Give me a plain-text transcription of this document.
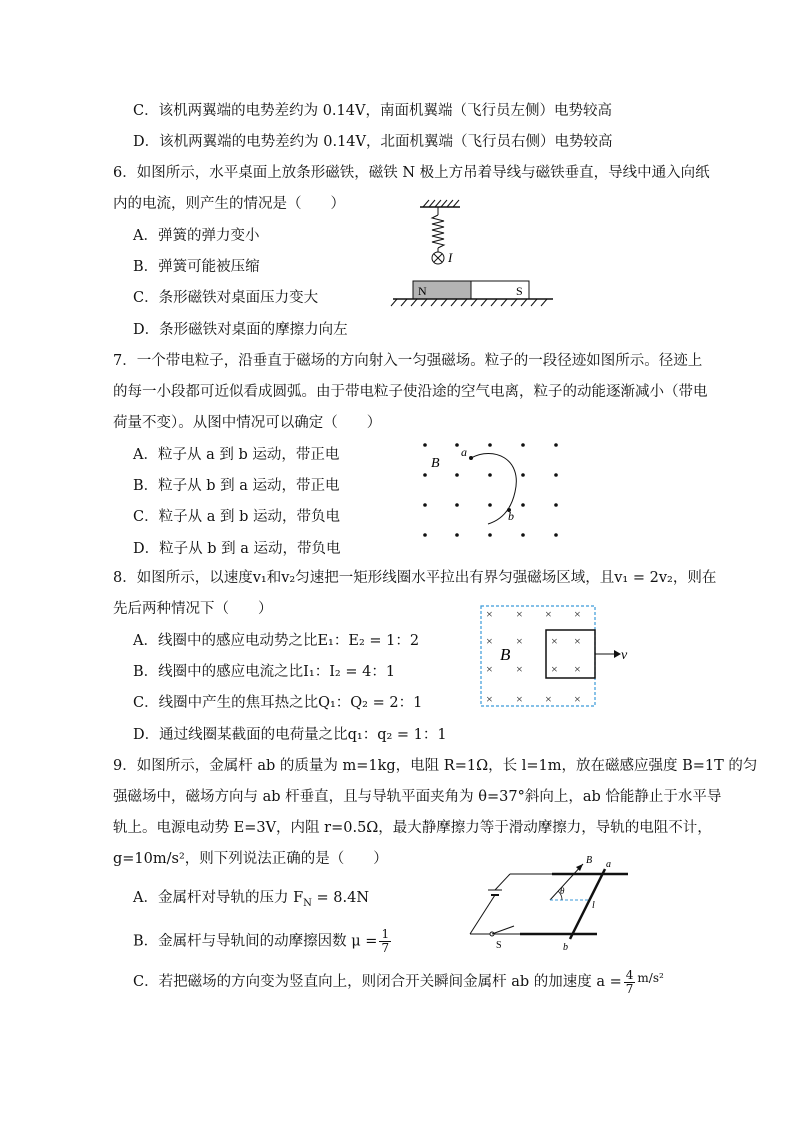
C．该机两翼端的电势差约为 0.14V，南面机翼端（飞行员左侧）电势较高
D．该机两翼端的电势差约为 0.14V，北面机翼端（飞行员右侧）电势较高
6．如图所示，水平桌面上放条形磁铁，磁铁 N 极上方吊着导线与磁铁垂直，导线中通入向纸
内的电流，则产生的情况是（　　）
A．弹簧的弹力变小
B．弹簧可能被压缩
C．条形磁铁对桌面压力变大
D．条形磁铁对桌面的摩擦力向左
I
N	S
7．一个带电粒子，沿垂直于磁场的方向射入一匀强磁场。粒子的一段径迹如图所示。径迹上
的每一小段都可近似看成圆弧。由于带电粒子使沿途的空气电离，粒子的动能逐渐减小（带电
荷量不变）。从图中情况可以确定（　　）
A．粒子从 a 到 b 运动，带正电
B．粒子从 b 到 a 运动，带正电
C．粒子从 a 到 b 运动，带负电
D．粒子从 b 到 a 运动，带负电
B
a
b
8．如图所示，以速度v₁和v₂匀速把一矩形线圈水平拉出有界匀强磁场区域，且v₁ = 2v₂，则在
先后两种情况下（　　）
A．线圈中的感应电动势之比E₁：E₂ = 1：2
B．线圈中的感应电流之比I₁：I₂ = 4：1
C．线圈中产生的焦耳热之比Q₁：Q₂ = 2：1
D．通过线圈某截面的电荷量之比q₁：q₂ = 1：1
× × × ×
× × × ×
× × × ×
× × × ×
B	v
9．如图所示，金属杆 ab 的质量为 m=1kg，电阻 R=1Ω，长 l=1m，放在磁感应强度 B=1T 的匀
强磁场中，磁场方向与 ab 杆垂直，且与导轨平面夹角为 θ=37°斜向上，ab 恰能静止于水平导
轨上。电源电动势 E=3V，内阻 r=0.5Ω，最大静摩擦力等于滑动摩擦力，导轨的电阻不计，
g=10m/s²，则下列说法正确的是（　　）
A．金属杆对导轨的压力 $F_N = 8.4N$
B．金属杆与导轨间的动摩擦因数 $\mu = \frac{1}{7}$
C．若把磁场的方向变为竖直向上，则闭合开关瞬间金属杆 ab 的加速度 $a = \frac{4}{7} ^{m/s^2}$
S
a
b
l
B
θ
